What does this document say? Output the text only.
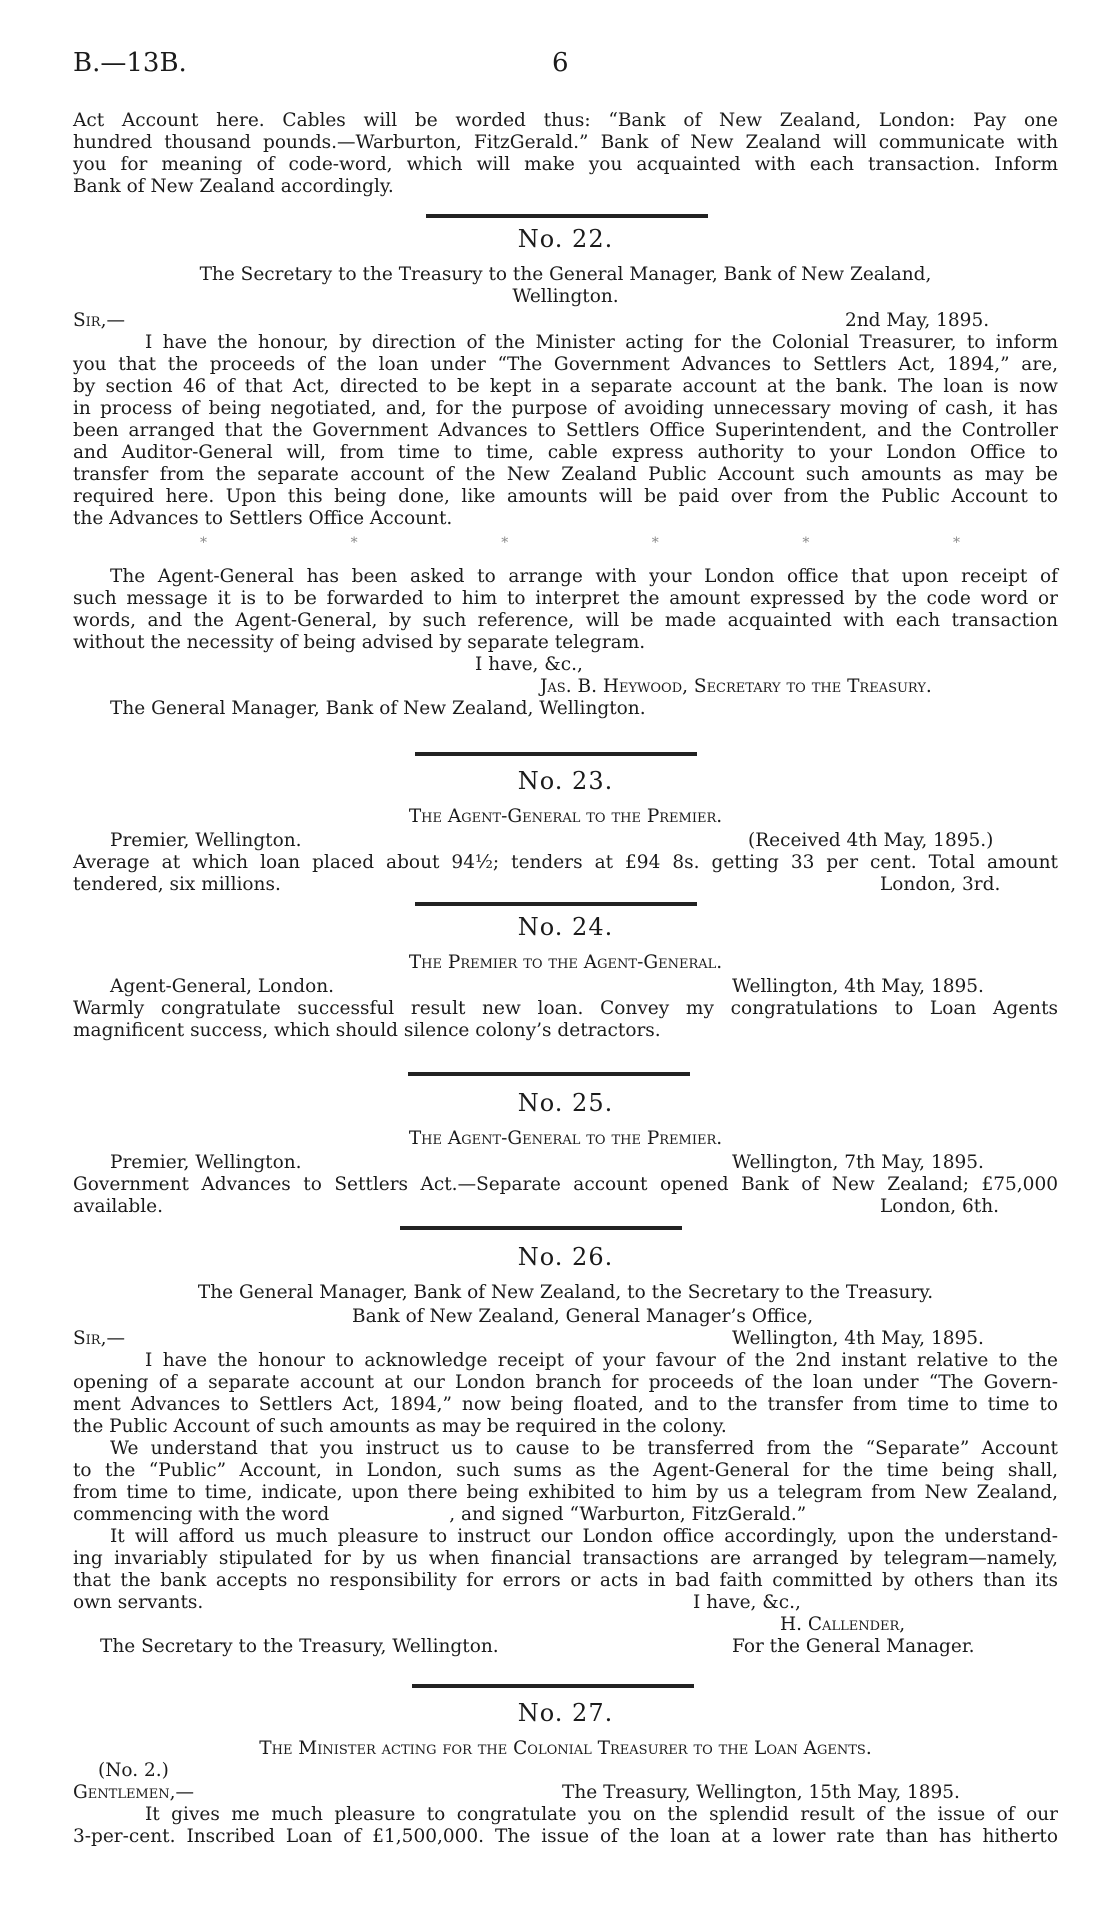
B.—13B.	6
Act Account here. Cables will be worded thus: “Bank of New Zealand, London: Pay one
hundred thousand pounds.—Warburton, FitzGerald.” Bank of New Zealand will communicate with
you for meaning of code-word, which will make you acquainted with each transaction. Inform
Bank of New Zealand accordingly.
No. 22.
The Secretary to the Treasury to the General Manager, Bank of New Zealand,
Wellington.
Sir,—	2nd May, 1895.
I have the honour, by direction of the Minister acting for the Colonial Treasurer, to inform
you that the proceeds of the loan under “The Government Advances to Settlers Act, 1894,” are,
by section 46 of that Act, directed to be kept in a separate account at the bank. The loan is now
in process of being negotiated, and, for the purpose of avoiding unnecessary moving of cash, it has
been arranged that the Government Advances to Settlers Office Superintendent, and the Controller
and Auditor-General will, from time to time, cable express authority to your London Office to
transfer from the separate account of the New Zealand Public Account such amounts as may be
required here. Upon this being done, like amounts will be paid over from the Public Account to
the Advances to Settlers Office Account.
*	*	*	*	*	*
The Agent-General has been asked to arrange with your London office that upon receipt of
such message it is to be forwarded to him to interpret the amount expressed by the code word or
words, and the Agent-General, by such reference, will be made acquainted with each transaction
without the necessity of being advised by separate telegram.
I have, &c.,
Jas. B. Heywood, Secretary to the Treasury.
The General Manager, Bank of New Zealand, Wellington.
No. 23.
The Agent-General to the Premier.
Premier, Wellington.	(Received 4th May, 1895.)
Average at which loan placed about 94½; tenders at £94 8s. getting 33 per cent. Total amount
tendered, six millions.	London, 3rd.
No. 24.
The Premier to the Agent-General.
Agent-General, London.	Wellington, 4th May, 1895.
Warmly congratulate successful result new loan. Convey my congratulations to Loan Agents
magnificent success, which should silence colony’s detractors.
No. 25.
The Agent-General to the Premier.
Premier, Wellington.	Wellington, 7th May, 1895.
Government Advances to Settlers Act.—Separate account opened Bank of New Zealand; £75,000
available.	London, 6th.
No. 26.
The General Manager, Bank of New Zealand, to the Secretary to the Treasury.
Bank of New Zealand, General Manager’s Office,
Sir,—	Wellington, 4th May, 1895.
I have the honour to acknowledge receipt of your favour of the 2nd instant relative to the
opening of a separate account at our London branch for proceeds of the loan under “The Govern-
ment Advances to Settlers Act, 1894,” now being floated, and to the transfer from time to time to
the Public Account of such amounts as may be required in the colony.
We understand that you instruct us to cause to be transferred from the “Separate” Account
to the “Public” Account, in London, such sums as the Agent-General for the time being shall,
from time to time, indicate, upon there being exhibited to him by us a telegram from New Zealand,
commencing with the word	, and signed “Warburton, FitzGerald.”
It will afford us much pleasure to instruct our London office accordingly, upon the understand-
ing invariably stipulated for by us when financial transactions are arranged by telegram—namely,
that the bank accepts no responsibility for errors or acts in bad faith committed by others than its
own servants.	I have, &c.,
H. Callender,
The Secretary to the Treasury, Wellington.	For the General Manager.
No. 27.
The Minister acting for the Colonial Treasurer to the Loan Agents.
(No. 2.)
Gentlemen,—	The Treasury, Wellington, 15th May, 1895.
It gives me much pleasure to congratulate you on the splendid result of the issue of our
3-per-cent. Inscribed Loan of £1,500,000. The issue of the loan at a lower rate than has hitherto
